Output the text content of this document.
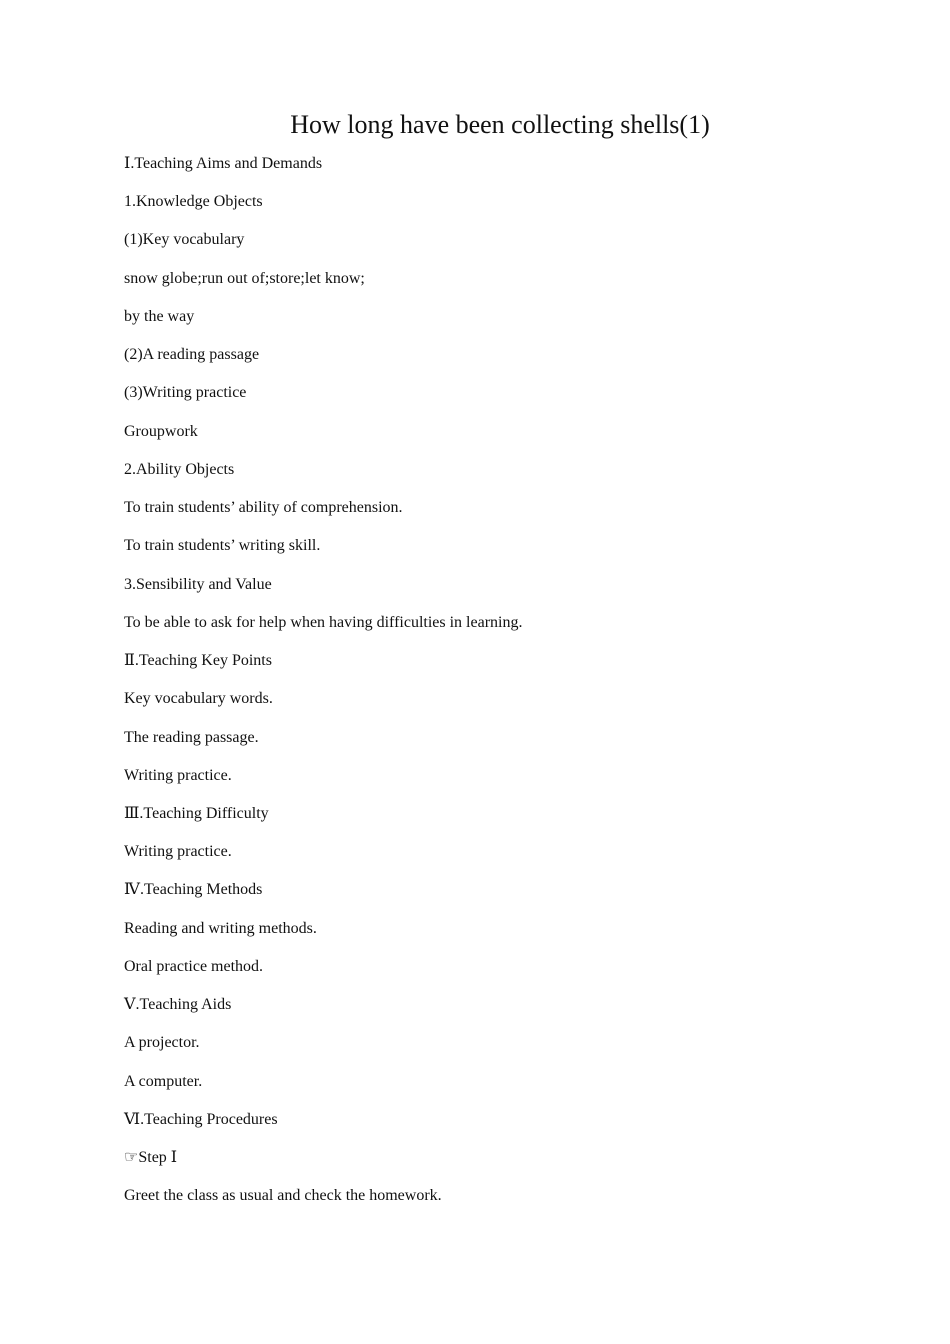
How long have been collecting shells(1)

Ⅰ.Teaching Aims and Demands

1.Knowledge Objects

(1)Key vocabulary

snow globe;run out of;store;let know;

by the way

(2)A reading passage

(3)Writing practice

Groupwork

2.Ability Objects

To train students’ ability of comprehension.

To train students’ writing skill.

3.Sensibility and Value

To be able to ask for help when having difficulties in learning.

Ⅱ.Teaching Key Points

Key vocabulary words.

The reading passage.

Writing practice.

Ⅲ.Teaching Difficulty

Writing practice.

Ⅳ.Teaching Methods

Reading and writing methods.

Oral practice method.

Ⅴ.Teaching Aids

A projector.

A computer.

Ⅵ.Teaching Procedures

☞Step Ⅰ

Greet the class as usual and check the homework.
